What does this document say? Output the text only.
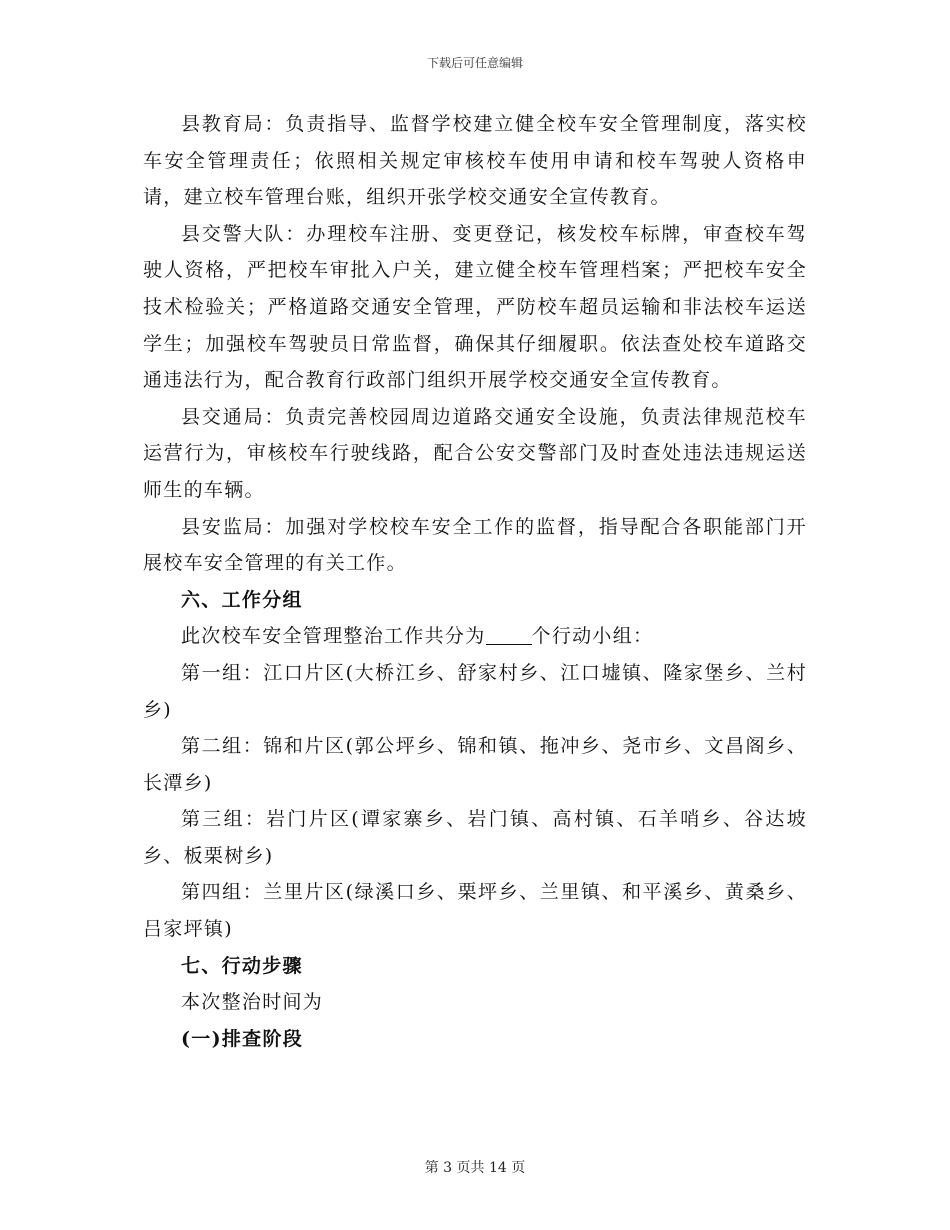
下载后可任意编辑

县教育局：负责指导、监督学校建立健全校车安全管理制度，落实校车安全管理责任；依照相关规定审核校车使用申请和校车驾驶人资格申请，建立校车管理台账，组织开张学校交通安全宣传教育。

县交警大队：办理校车注册、变更登记，核发校车标牌，审查校车驾驶人资格，严把校车审批入户关，建立健全校车管理档案；严把校车安全技术检验关；严格道路交通安全管理，严防校车超员运输和非法校车运送学生；加强校车驾驶员日常监督，确保其仔细履职。依法查处校车道路交通违法行为，配合教育行政部门组织开展学校交通安全宣传教育。

县交通局：负责完善校园周边道路交通安全设施，负责法律规范校车运营行为，审核校车行驶线路，配合公安交警部门及时查处违法违规运送师生的车辆。

县安监局：加强对学校校车安全工作的监督，指导配合各职能部门开展校车安全管理的有关工作。

六、工作分组

此次校车安全管理整治工作共分为 个行动小组：

第一组：江口片区(大桥江乡、舒家村乡、江口墟镇、隆家堡乡、兰村乡)

第二组：锦和片区(郭公坪乡、锦和镇、拖冲乡、尧市乡、文昌阁乡、长潭乡)

第三组：岩门片区(谭家寨乡、岩门镇、高村镇、石羊哨乡、谷达坡乡、板栗树乡)

第四组：兰里片区(绿溪口乡、栗坪乡、兰里镇、和平溪乡、黄桑乡、吕家坪镇)

七、行动步骤

本次整治时间为

(一)排查阶段

第 3 页共 14 页
